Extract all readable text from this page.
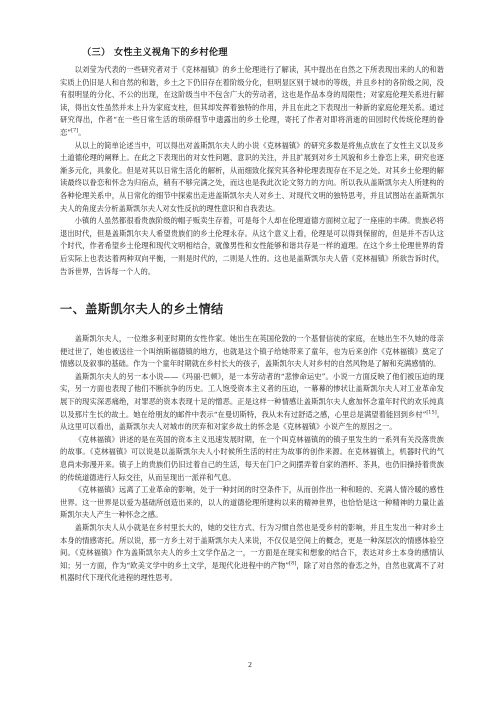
（三） 女性主义视角下的乡村伦理

以刘莹为代表的一些研究者对于《克林福镇》的乡土伦理进行了解读，其中提出在自然之下所表现出来的人的和谐实质上仍旧是人和自然的和谐，乡土之下仍旧存在着阶级分化，但明显区别于城市的等级，并且乡村的各阶级之间，没有很明显的分化、不公的出现，在这阶级当中不包含广大的劳动者，这也是作品本身的局限性；对家庭伦理关系进行解读，得出女性虽然并未上升为家庭支柱，但其却发挥着独特的作用，并且在此之下表现出一种新的家庭伦理关系。通过研究得出，作者“在一些日常生活的琐碎细节中遗露出的乡土伦理，寄托了作者对即将消逝的田园时代传统伦理的眷恋”[7]。

从以上的简单论述当中，可以得出对盖斯凯尔夫人的小说《克林福镇》的研究多数是将焦点放在了女性主义以及乡土道德伦理的阐释上。在此之下表现出的对女性问题、意识的关注，并且扩展到对乡土风貌和乡土眷恋上来，研究也逐渐多元化，具象化。但是对其以日常生活化的解析，从而细致化探究其各种伦理表现存在不足之处。对其乡土伦理的解读最终以眷恋和怀念为归宿点，稍有不够完满之处，而这也是我此次论文努力的方向。所以我从盖斯凯尔夫人所建构的各种伦理关系中，从日常化的细节中探索出走进盖斯凯尔夫人对乡土、对现代文明的独特思考，并且试图站在盖斯凯尔夫人的角度去分析盖斯凯尔夫人对女性反抗的理性意识和自我表达。

小镇的人虽然都很看贵族阶级的帽子贩卖生存着，可是每个人却在伦理道德方面树立起了一座座的丰碑。贵族必将退出时代，但是盖斯凯尔夫人希望贵族们的乡土伦理永存。从这个意义上看，伦理是可以得到保留的，但是并不否认这个时代，作者希望乡土伦理和现代文明相结合，就像男性和女性能够和谐共存是一样的道理。在这个乡土伦理世界的背后实际上也表达着两种双向平衡，一则是时代的，二则是人性的。这也是盖斯凯尔夫人借《克林福镇》所欲告诉时代，告诉世界，告诉每一个人的。

一、盖斯凯尔夫人的乡土情结

盖斯凯尔夫人，一位维多利亚时期的女性作家。她出生在英国伦敦的一个基督信徒的家庭，在她出生不久她的母亲便过世了，她也被送往一个叫纳斯福德镇的地方，也就是这个镇子给她带来了童年，也为后来创作《克林福镇》奠定了情感以及叙事的基础。作为一个童年时期就在乡村长大的孩子，盖斯凯尔夫人对乡村的自然风物是了解和充满感情的。

盖斯凯尔夫人的另一本小说——《玛丽·巴顿》，是一本劳动者的“悲惨命运史”。小说一方面反映了他们被压迫的现实，另一方面也表现了他们不断抗争的历史。工人饱受资本主义者的压迫，一幕幕的惨状让盖斯凯尔夫人对工业革命发展下的现实深恶痛绝，对罪恶的资本表现十足的憎恶。正是这样一种情感让盖斯凯尔夫人愈加怀念童年时代的欢乐纯真以及那片生长的故土。她在给朋友的邮件中表示“在曼切斯特，我从未有过舒适之感，心里总是满望着能回到乡村”[15]。从这里可以看出，盖斯凯尔夫人对城市的厌弃和对家乡故土的怀念是《克林福镇》小说产生的原因之一。

《克林福镇》讲述的是在英国的资本主义迅速发展时期，在一个叫克林福镇的的镇子里发生的一系列有关没落贵族的故事。《克林福镇》可以说是以盖斯凯尔夫人小时候所生活的村庄为故事的创作来源。在克林福镇上，机器时代的气息尚未弥漫开来。镇子上的贵族们仍旧过着自己的生活，每天在门户之间摆弄着自家的酒杯、茶具，也仍旧操持着贵族的传统道德进行人际交往，从而呈现出一派祥和气息。

《克林福镇》远离了工业革命的影响，处于一种封闭的时空条件下，从而创作出一种和睦的、充满人情冷暖的感性世界。这一世界是以爱为基础所创造出来的，以人的道德伦理所建构以来的精神世界，也恰恰是这一种精神的力量让盖斯凯尔夫人产生一种怀念之感。

盖斯凯尔夫人从小就是在乡村里长大的，她的交往方式、行为习惯自然也是受乡村的影响，并且生发出一种对乡土本身的情感寄托。所以说，那一方乡土对于盖斯凯尔夫人来说，不仅仅是空间上的概念，更是一种深层次的情感体验空间。《克林福镇》作为盖斯凯尔夫人的乡土文学作品之一，一方面是在现实和想象的结合下，表达对乡土本身的感情认知；另一方面，作为“欧美文学中的乡土文学，是现代化进程中的产物”[8]，除了对自然的眷恋之外，自然也就离不了对机器时代下现代化进程的理性思考。

2
